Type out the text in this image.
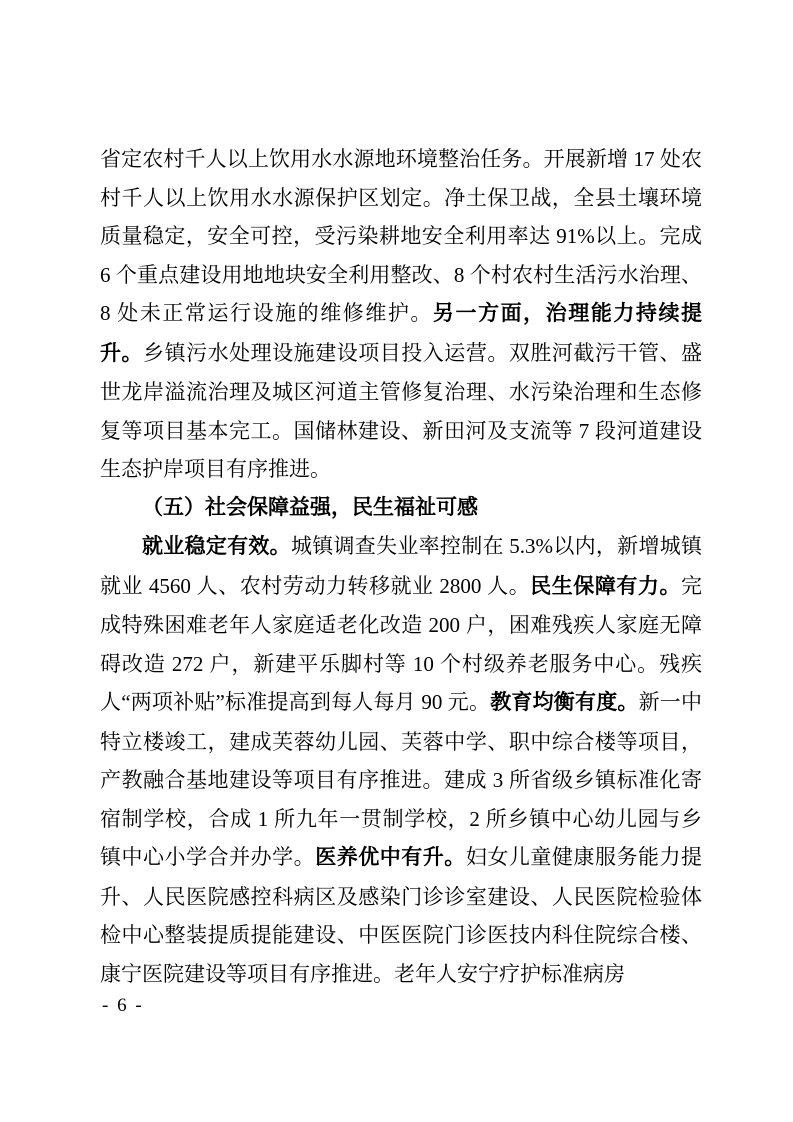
省定农村千人以上饮用水水源地环境整治任务。开展新增 17 处农村千人以上饮用水水源保护区划定。净土保卫战，全县土壤环境质量稳定，安全可控，受污染耕地安全利用率达 91%以上。完成 6 个重点建设用地地块安全利用整改、8 个村农村生活污水治理、8 处未正常运行设施的维修维护。另一方面，治理能力持续提升。乡镇污水处理设施建设项目投入运营。双胜河截污干管、盛世龙岸溢流治理及城区河道主管修复治理、水污染治理和生态修复等项目基本完工。国储林建设、新田河及支流等 7 段河道建设生态护岸项目有序推进。

（五）社会保障益强，民生福祉可感

就业稳定有效。城镇调查失业率控制在 5.3%以内，新增城镇就业 4560 人、农村劳动力转移就业 2800 人。民生保障有力。完成特殊困难老年人家庭适老化改造 200 户，困难残疾人家庭无障碍改造 272 户，新建平乐脚村等 10 个村级养老服务中心。残疾人“两项补贴”标准提高到每人每月 90 元。教育均衡有度。新一中特立楼竣工，建成芙蓉幼儿园、芙蓉中学、职中综合楼等项目，产教融合基地建设等项目有序推进。建成 3 所省级乡镇标准化寄宿制学校，合成 1 所九年一贯制学校，2 所乡镇中心幼儿园与乡镇中心小学合并办学。医养优中有升。妇女儿童健康服务能力提升、人民医院感控科病区及感染门诊诊室建设、人民医院检验体检中心整装提质提能建设、中医医院门诊医技内科住院综合楼、康宁医院建设等项目有序推进。老年人安宁疗护标准病房

- 6 -
